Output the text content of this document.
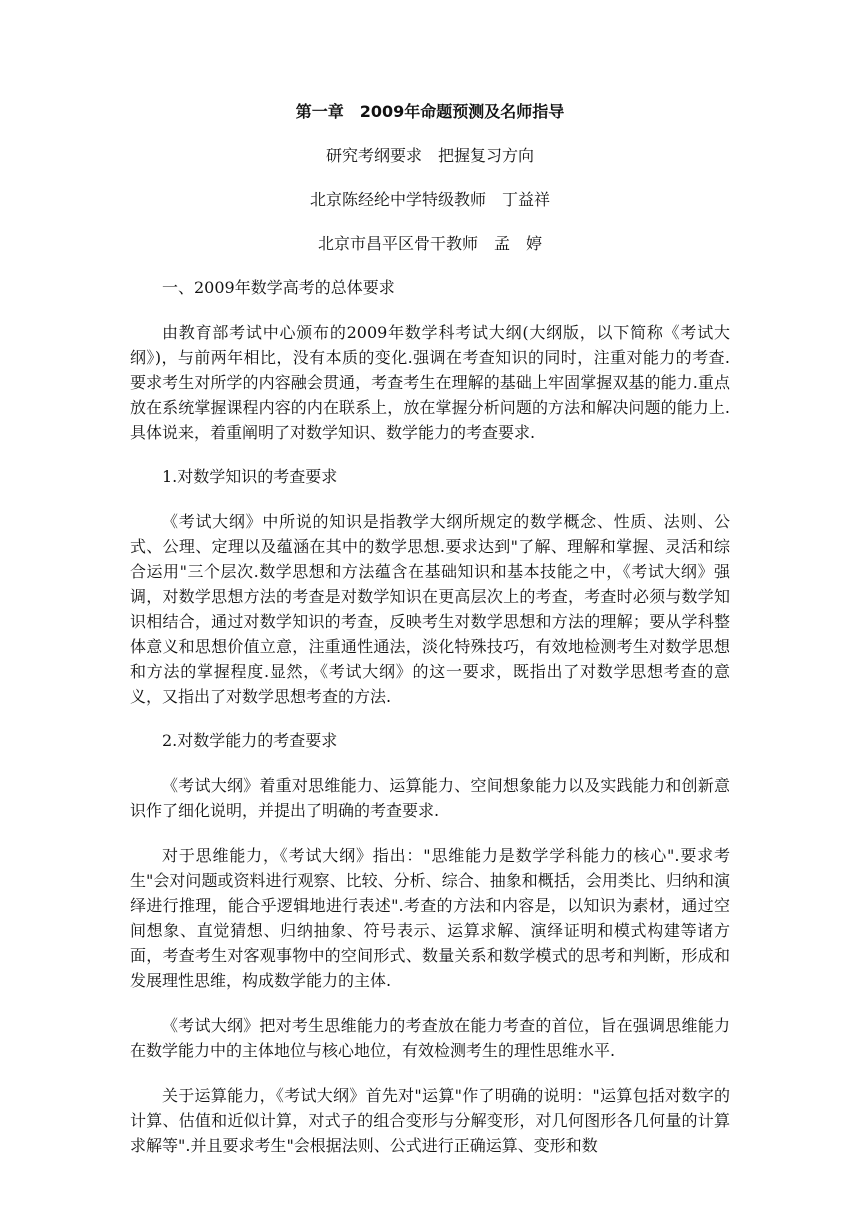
第一章　2009年命题预测及名师指导

研究考纲要求　把握复习方向

北京陈经纶中学特级教师　丁益祥

北京市昌平区骨干教师　孟　婷

一、2009年数学高考的总体要求

由教育部考试中心颁布的2009年数学科考试大纲(大纲版，以下简称《考试大纲》)，与前两年相比，没有本质的变化.强调在考查知识的同时，注重对能力的考查.要求考生对所学的内容融会贯通，考查考生在理解的基础上牢固掌握双基的能力.重点放在系统掌握课程内容的内在联系上，放在掌握分析问题的方法和解决问题的能力上.具体说来，着重阐明了对数学知识、数学能力的考查要求.

1.对数学知识的考查要求

《考试大纲》中所说的知识是指教学大纲所规定的数学概念、性质、法则、公式、公理、定理以及蕴涵在其中的数学思想.要求达到"了解、理解和掌握、灵活和综合运用"三个层次.数学思想和方法蕴含在基础知识和基本技能之中，《考试大纲》强调，对数学思想方法的考查是对数学知识在更高层次上的考查，考查时必须与数学知识相结合，通过对数学知识的考查，反映考生对数学思想和方法的理解；要从学科整体意义和思想价值立意，注重通性通法，淡化特殊技巧，有效地检测考生对数学思想和方法的掌握程度.显然，《考试大纲》的这一要求，既指出了对数学思想考查的意义，又指出了对数学思想考查的方法.

2.对数学能力的考查要求

《考试大纲》着重对思维能力、运算能力、空间想象能力以及实践能力和创新意识作了细化说明，并提出了明确的考查要求.

对于思维能力，《考试大纲》指出："思维能力是数学学科能力的核心".要求考生"会对问题或资料进行观察、比较、分析、综合、抽象和概括，会用类比、归纳和演绎进行推理，能合乎逻辑地进行表述".考查的方法和内容是，以知识为素材，通过空间想象、直觉猜想、归纳抽象、符号表示、运算求解、演绎证明和模式构建等诸方面，考查考生对客观事物中的空间形式、数量关系和数学模式的思考和判断，形成和发展理性思维，构成数学能力的主体.

《考试大纲》把对考生思维能力的考查放在能力考查的首位，旨在强调思维能力在数学能力中的主体地位与核心地位，有效检测考生的理性思维水平.

关于运算能力，《考试大纲》首先对"运算"作了明确的说明："运算包括对数字的计算、估值和近似计算，对式子的组合变形与分解变形，对几何图形各几何量的计算求解等".并且要求考生"会根据法则、公式进行正确运算、变形和数
